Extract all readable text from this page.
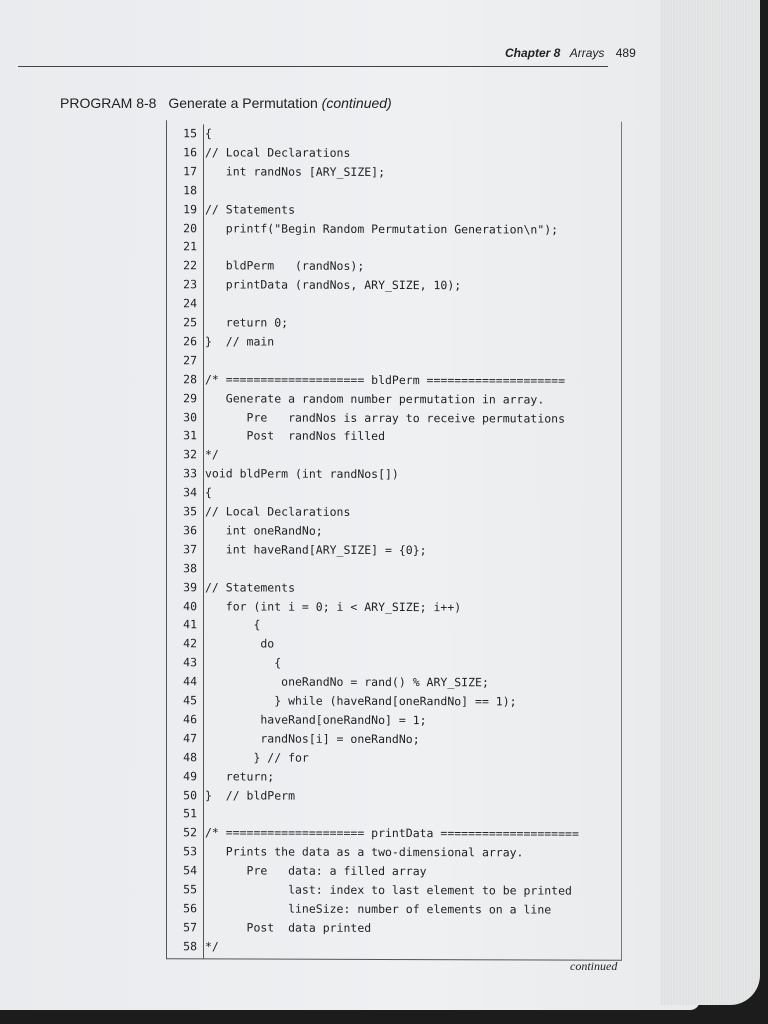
Chapter 8 Arrays 489
PROGRAM 8-8 Generate a Permutation (continued)
15 {
16 // Local Declarations
17 int randNos [ARY_SIZE];
18
19 // Statements
20 printf("Begin Random Permutation Generation\n");
21
22 bldPerm   (randNos);
23 printData (randNos, ARY_SIZE, 10);
24
25 return 0;
26 }  // main
27
28 /* ==================== bldPerm ====================
29 Generate a random number permutation in array.
30 Pre   randNos is array to receive permutations
31 Post  randNos filled
32 */
33 void bldPerm (int randNos[])
34 {
35 // Local Declarations
36 int oneRandNo;
37 int haveRand[ARY_SIZE] = {0};
38
39 // Statements
40 for (int i = 0; i < ARY_SIZE; i++)
41 {
42 do
43 {
44 oneRandNo = rand() % ARY_SIZE;
45 } while (haveRand[oneRandNo] == 1);
46 haveRand[oneRandNo] = 1;
47 randNos[i] = oneRandNo;
48 } // for
49 return;
50 }  // bldPerm
51
52 /* ==================== printData ====================
53 Prints the data as a two-dimensional array.
54 Pre   data: a filled array
55 last: index to last element to be printed
56 lineSize: number of elements on a line
57 Post  data printed
58 */
continued
